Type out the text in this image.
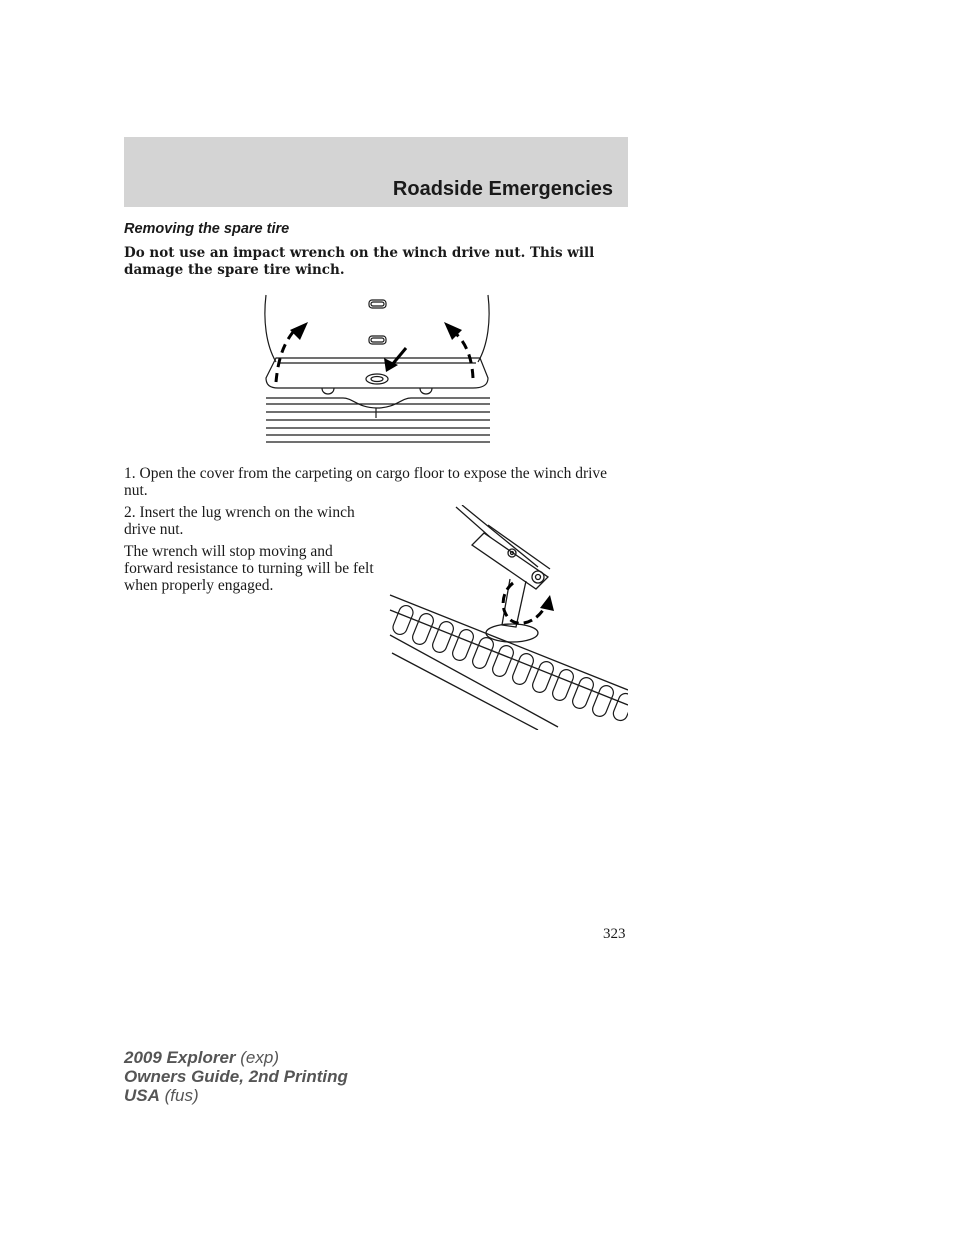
Roadside Emergencies
Removing the spare tire
Do not use an impact wrench on the winch drive nut. This will damage the spare tire winch.

1. Open the cover from the carpeting on cargo floor to expose the winch drive nut.

2. Insert the lug wrench on the winch drive nut.

The wrench will stop moving and forward resistance to turning will be felt when properly engaged.

323
2009 Explorer (exp)
Owners Guide, 2nd Printing
USA (fus)
